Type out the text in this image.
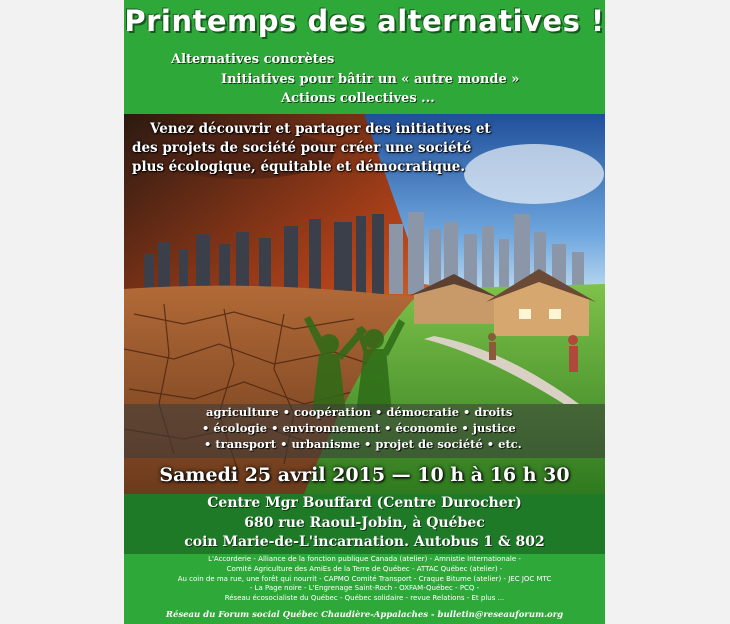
Printemps des alternatives !
Alternatives concrètes
Initiatives pour bâtir un « autre monde »
Actions collectives ...
Venez découvrir et partager des initiatives et
des projets de société pour créer une société
plus écologique, équitable et démocratique.
agriculture • coopération • démocratie • droits
• écologie • environnement • économie • justice
• transport • urbanisme • projet de société • etc.
Samedi 25 avril 2015 — 10 h à 16 h 30
Centre Mgr Bouffard (Centre Durocher)
680 rue Raoul-Jobin, à Québec
coin Marie-de-L'incarnation. Autobus 1 & 802
L'Accorderie - Alliance de la fonction publique Canada (atelier) - Amnistie Internationale -
Comité Agriculture des AmiEs de la Terre de Québec - ATTAC Québec (atelier) -
Au coin de ma rue, une forêt qui nourrit - CAPMO Comité Transport - Craque Bitume (atelier) - JEC JOC MTC
- La Page noire - L'Engrenage Saint-Roch - OXFAM-Québec - PCQ -
Réseau écosocialiste du Québec - Québec solidaire - revue Relations - Et plus ...
Réseau du Forum social Québec Chaudière-Appalaches - bulletin@reseauforum.org
